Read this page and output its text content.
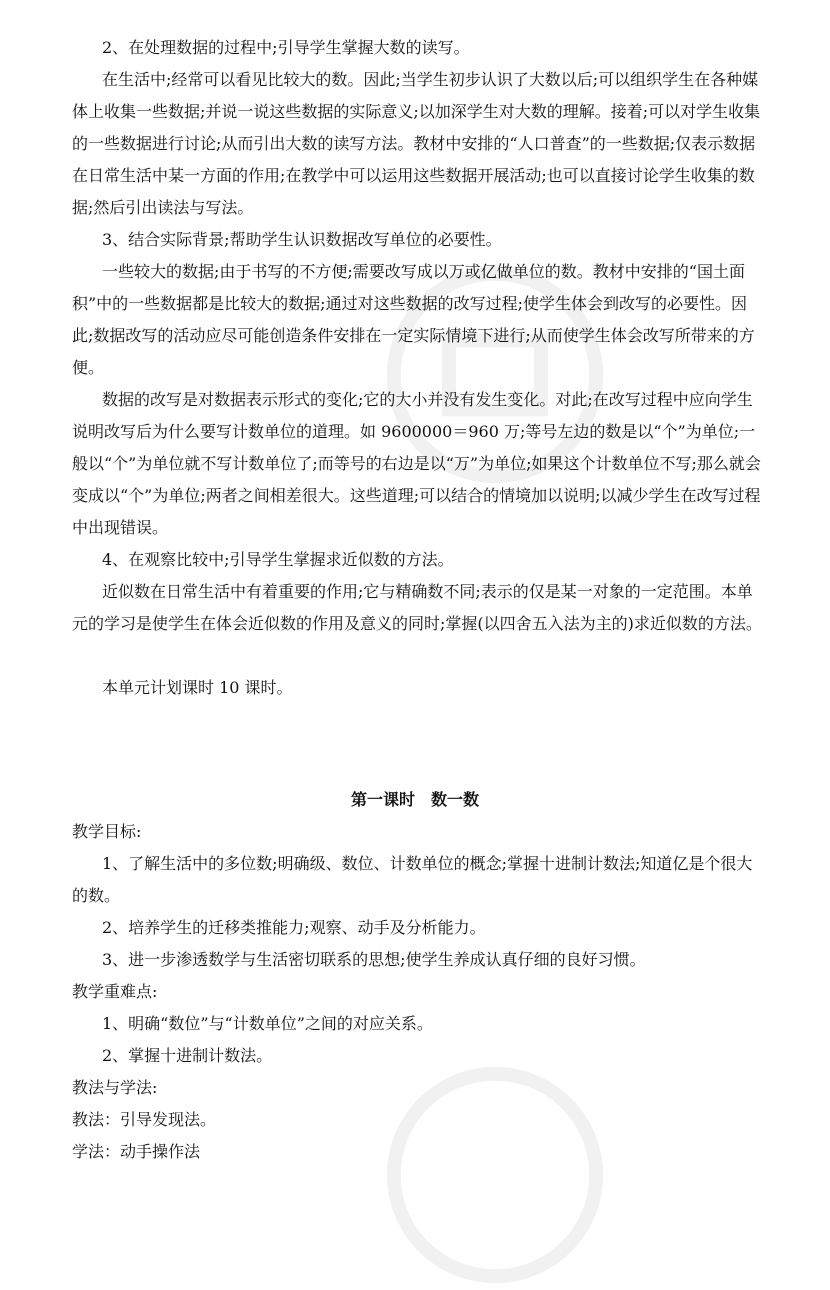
2、在处理数据的过程中;引导学生掌握大数的读写。

在生活中;经常可以看见比较大的数。因此;当学生初步认识了大数以后;可以组织学生在各种媒体上收集一些数据;并说一说这些数据的实际意义;以加深学生对大数的理解。接着;可以对学生收集的一些数据进行讨论;从而引出大数的读写方法。教材中安排的“人口普查”的一些数据;仅表示数据在日常生活中某一方面的作用;在教学中可以运用这些数据开展活动;也可以直接讨论学生收集的数据;然后引出读法与写法。

3、结合实际背景;帮助学生认识数据改写单位的必要性。

一些较大的数据;由于书写的不方便;需要改写成以万或亿做单位的数。教材中安排的“国土面积”中的一些数据都是比较大的数据;通过对这些数据的改写过程;使学生体会到改写的必要性。因此;数据改写的活动应尽可能创造条件安排在一定实际情境下进行;从而使学生体会改写所带来的方便。

数据的改写是对数据表示形式的变化;它的大小并没有发生变化。对此;在改写过程中应向学生说明改写后为什么要写计数单位的道理。如 9600000＝960 万;等号左边的数是以“个”为单位;一般以“个”为单位就不写计数单位了;而等号的右边是以“万”为单位;如果这个计数单位不写;那么就会变成以“个”为单位;两者之间相差很大。这些道理;可以结合的情境加以说明;以减少学生在改写过程中出现错误。

4、在观察比较中;引导学生掌握求近似数的方法。

近似数在日常生活中有着重要的作用;它与精确数不同;表示的仅是某一对象的一定范围。本单元的学习是使学生在体会近似数的作用及意义的同时;掌握(以四舍五入法为主的)求近似数的方法。

本单元计划课时 10 课时。

第一课时　数一数

教学目标:

1、了解生活中的多位数;明确级、数位、计数单位的概念;掌握十进制计数法;知道亿是个很大的数。

2、培养学生的迁移类推能力;观察、动手及分析能力。

3、进一步渗透数学与生活密切联系的思想;使学生养成认真仔细的良好习惯。

教学重难点:

1、明确“数位”与“计数单位”之间的对应关系。

2、掌握十进制计数法。

教法与学法:

教法：引导发现法。

学法：动手操作法
